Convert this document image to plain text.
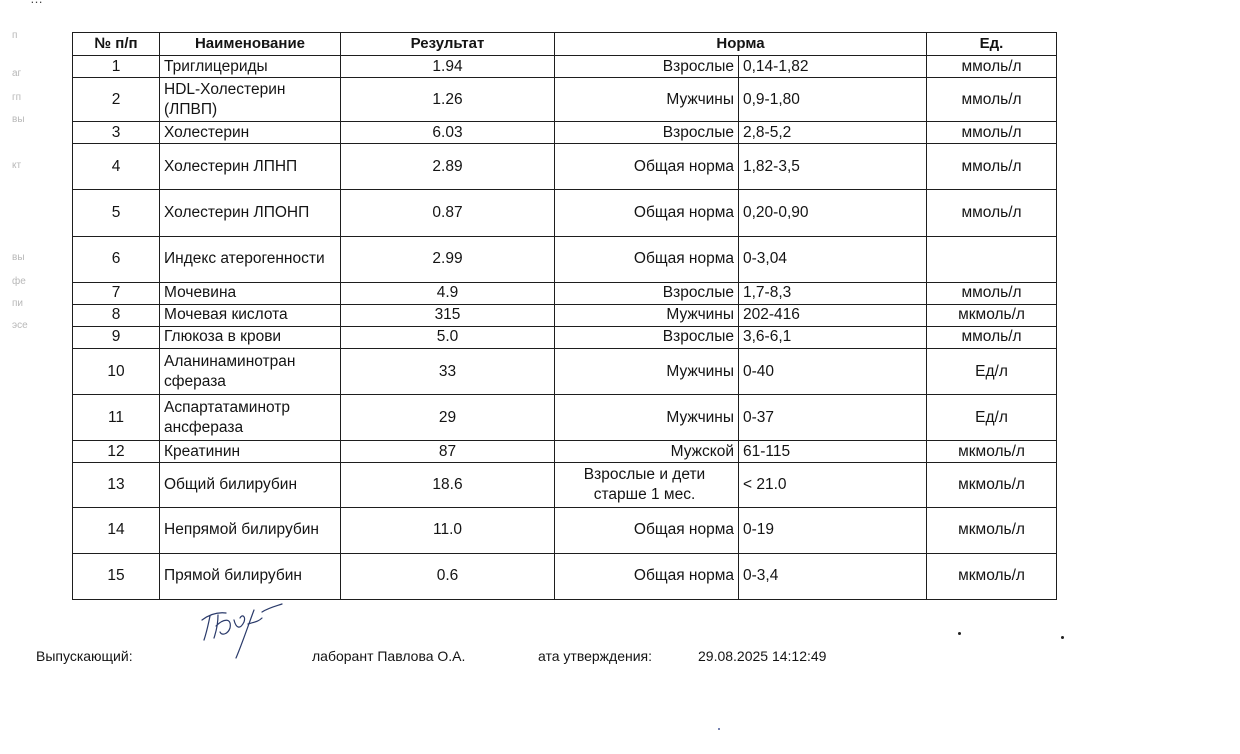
п
аг
гп
вы
кт
вы
фе
пи
эсе
№ п/п	Наименование	Результат	Норма		Ед.
1	Триглицериды	1.94	Взрослые	0,14-1,82	ммоль/л
2	HDL-Холестерин (ЛПВП)	1.26	Мужчины	0,9-1,80	ммоль/л
3	Холестерин	6.03	Взрослые	2,8-5,2	ммоль/л
4	Холестерин ЛПНП	2.89	Общая норма	1,82-3,5	ммоль/л
5	Холестерин ЛПОНП	0.87	Общая норма	0,20-0,90	ммоль/л
6	Индекс атерогенности	2.99	Общая норма	0-3,04	
7	Мочевина	4.9	Взрослые	1,7-8,3	ммоль/л
8	Мочевая кислота	315	Мужчины	202-416	мкмоль/л
9	Глюкоза в крови	5.0	Взрослые	3,6-6,1	ммоль/л
10	Аланинаминотран сфераза	33	Мужчины	0-40	Ед/л
11	Аспартатаминотр ансфераза	29	Мужчины	0-37	Ед/л
12	Креатинин	87	Мужской	61-115	мкмоль/л
13	Общий билирубин	18.6	Взрослые и дети старше 1 мес.	< 21.0	мкмоль/л
14	Непрямой билирубин	11.0	Общая норма	0-19	мкмоль/л
15	Прямой билирубин	0.6	Общая норма	0-3,4	мкмоль/л
Выпускающий:	лаборант Павлова О.А.	ата утверждения:	29.08.2025 14:12:49
